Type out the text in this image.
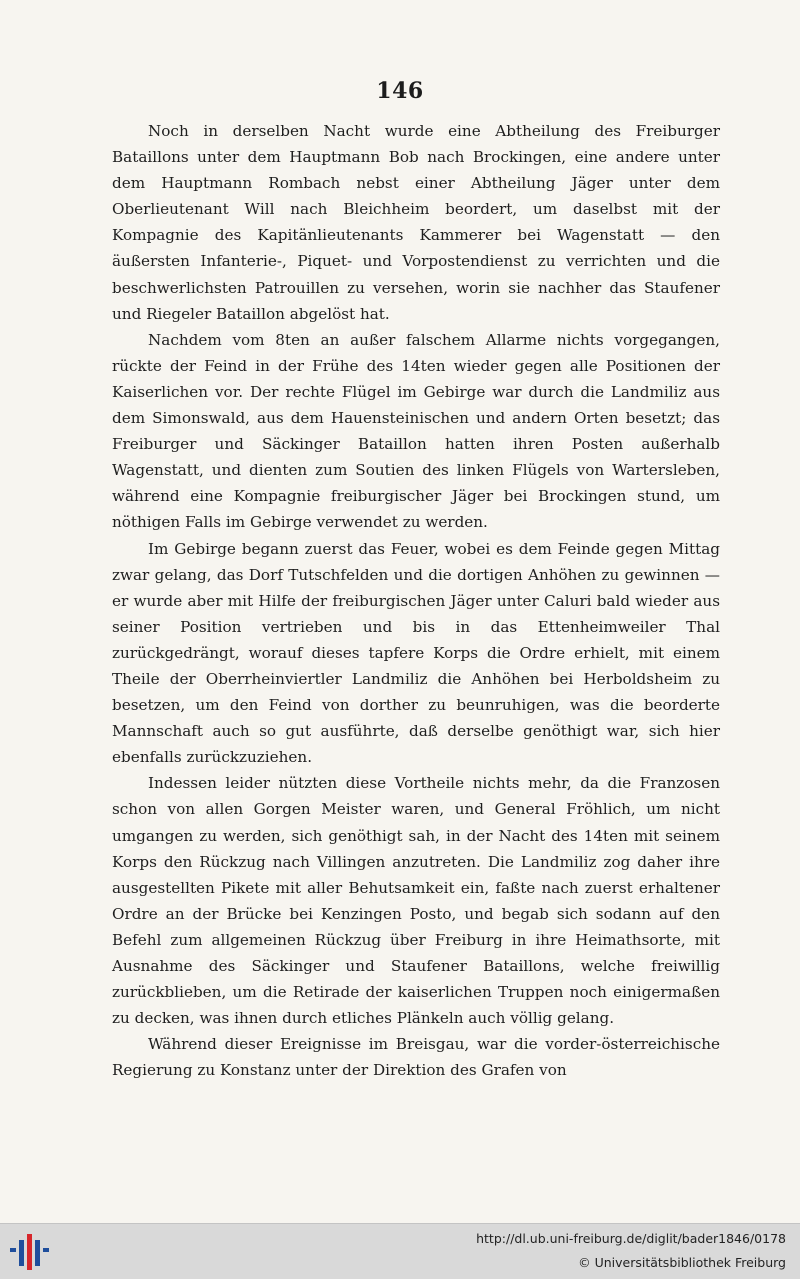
146

Noch in derselben Nacht wurde eine Abtheilung des Freiburger Bataillons unter dem Hauptmann Bob nach Brockingen, eine andere unter dem Hauptmann Rombach nebst einer Abtheilung Jäger unter dem Oberlieutenant Will nach Bleichheim beordert, um daselbst mit der Kompagnie des Kapitänlieutenants Kammerer bei Wagenstatt — den äußersten Infanterie-, Piquet- und Vorpostendienst zu verrichten und die beschwerlichsten Patrouillen zu versehen, worin sie nachher das Staufener und Riegeler Bataillon abgelöst hat.

Nachdem vom 8ten an außer falschem Allarme nichts vorgegangen, rückte der Feind in der Frühe des 14ten wieder gegen alle Positionen der Kaiserlichen vor. Der rechte Flügel im Gebirge war durch die Landmiliz aus dem Simonswald, aus dem Hauensteinischen und andern Orten besetzt; das Freiburger und Säckinger Bataillon hatten ihren Posten außerhalb Wagenstatt, und dienten zum Soutien des linken Flügels von Wartersleben, während eine Kompagnie freiburgischer Jäger bei Brockingen stund, um nöthigen Falls im Gebirge verwendet zu werden.

Im Gebirge begann zuerst das Feuer, wobei es dem Feinde gegen Mittag zwar gelang, das Dorf Tutschfelden und die dortigen Anhöhen zu gewinnen — er wurde aber mit Hilfe der freiburgischen Jäger unter Caluri bald wieder aus seiner Position vertrieben und bis in das Ettenheimweiler Thal zurückgedrängt, worauf dieses tapfere Korps die Ordre erhielt, mit einem Theile der Oberrheinviertler Landmiliz die Anhöhen bei Herboldsheim zu besetzen, um den Feind von dorther zu beunruhigen, was die beorderte Mannschaft auch so gut ausführte, daß derselbe genöthigt war, sich hier ebenfalls zurückzuziehen.

Indessen leider nützten diese Vortheile nichts mehr, da die Franzosen schon von allen Gorgen Meister waren, und General Fröhlich, um nicht umgangen zu werden, sich genöthigt sah, in der Nacht des 14ten mit seinem Korps den Rückzug nach Villingen anzutreten. Die Landmiliz zog daher ihre ausgestellten Pikete mit aller Behutsamkeit ein, faßte nach zuerst erhaltener Ordre an der Brücke bei Kenzingen Posto, und begab sich sodann auf den Befehl zum allgemeinen Rückzug über Freiburg in ihre Heimathsorte, mit Ausnahme des Säckinger und Staufener Bataillons, welche freiwillig zurückblieben, um die Retirade der kaiserlichen Truppen noch einigermaßen zu decken, was ihnen durch etliches Plänkeln auch völlig gelang.

Während dieser Ereignisse im Breisgau, war die vorder-österreichische Regierung zu Konstanz unter der Direktion des Grafen von

http://dl.ub.uni-freiburg.de/diglit/bader1846/0178
© Universitätsbibliothek Freiburg
